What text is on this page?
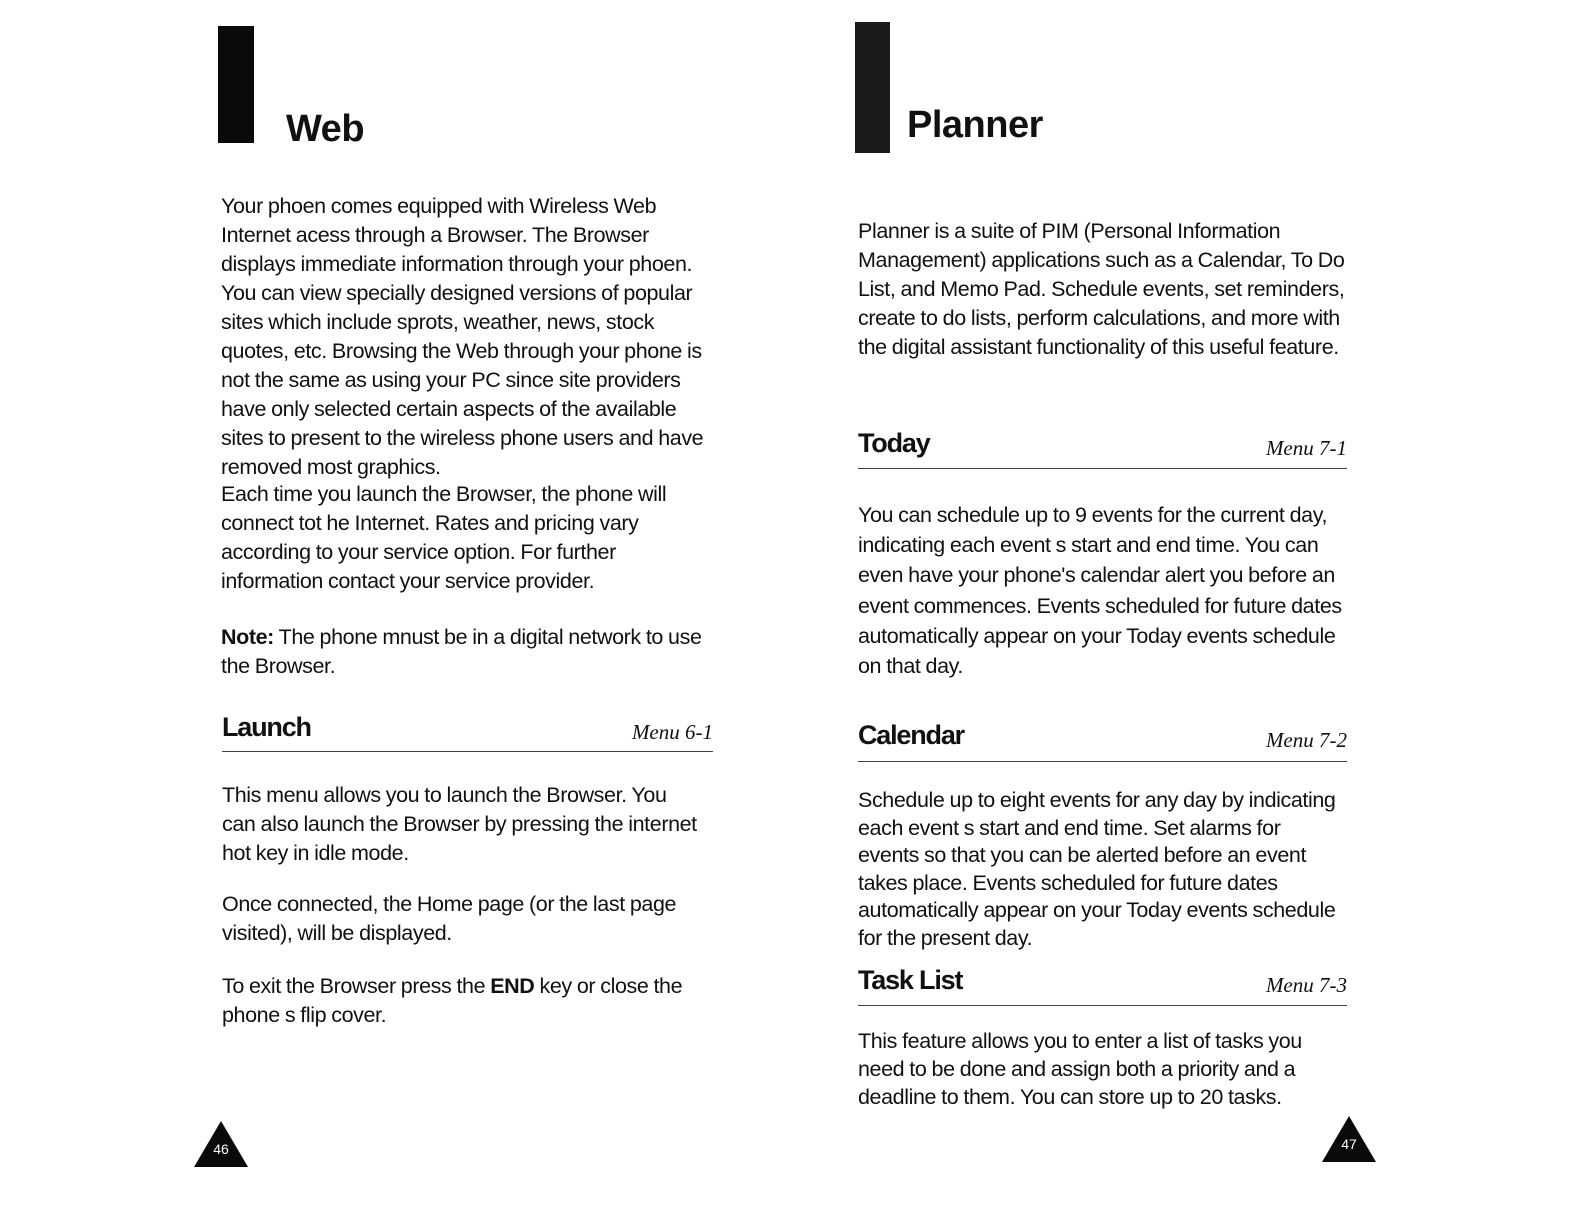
Web

Your phoen comes equipped with Wireless Web Internet acess through a Browser. The Browser displays immediate information through your phoen. You can view specially designed versions of popular sites which include sprots, weather, news, stock quotes, etc. Browsing the Web through your phone is not the same as using your PC since site providers have only selected certain aspects of the available sites to present to the wireless phone users and have removed most graphics.

Each time you launch the Browser, the phone will connect tot he Internet. Rates and pricing vary according to your service option. For further information contact your service provider.

Note: The phone mnust be in a digital network to use the Browser.

Launch	Menu 6-1

This menu allows you to launch the Browser. You can also launch the Browser by pressing the internet hot key in idle mode.

Once connected, the Home page (or the last page visited), will be displayed.

To exit the Browser press the END key or close the phone s flip cover.

46
Planner

Planner is a suite of PIM (Personal Information Management) applications such as a Calendar, To Do List, and Memo Pad. Schedule events, set reminders, create to do lists, perform calculations, and more with the digital assistant functionality of this useful feature.

Today	Menu 7-1

You can schedule up to 9 events for the current day, indicating each event s start and end time. You can even have your phone's calendar alert you before an event commences. Events scheduled for future dates automatically appear on your Today events schedule on that day.

Calendar	Menu 7-2

Schedule up to eight events for any day by indicating each event s start and end time. Set alarms for events so that you can be alerted before an event takes place. Events scheduled for future dates automatically appear on your Today events schedule for the present day.

Task List	Menu 7-3

This feature allows you to enter a list of tasks you need to be done and assign both a priority and a deadline to them. You can store up to 20 tasks.

47
